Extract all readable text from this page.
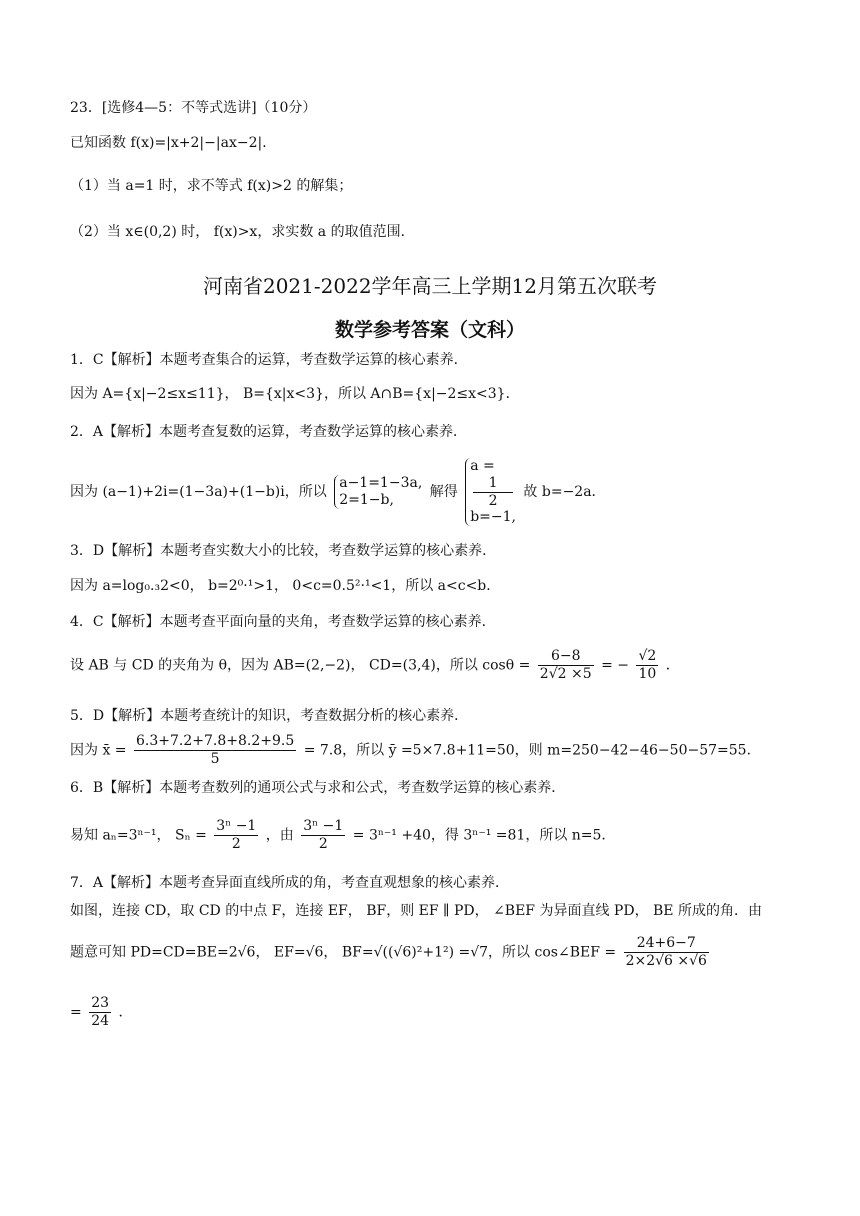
23．[选修4—5：不等式选讲]（10分）
已知函数 f(x)=|x+2|−|ax−2|．
（1）当 a=1 时，求不等式 f(x)>2 的解集；
（2）当 x∈(0,2) 时， f(x)>x，求实数 a 的取值范围．
河南省2021-2022学年高三上学期12月第五次联考
数学参考答案（文科）
1．C【解析】本题考查集合的运算，考查数学运算的核心素养．
因为 A={x|−2≤x≤11}， B={x|x<3}，所以 A∩B={x|−2≤x<3}．
2．A【解析】本题考查复数的运算，考查数学运算的核心素养．
因为 (a−1)+2i=(1−3a)+(1−b)i，所以
a−1=1−3a,
2=1−b,	解得
a =
1
2
b=−1,
故 b=−2a．
3．D【解析】本题考查实数大小的比较，考查数学运算的核心素养．
因为 a=log₀.₃2<0， b=2⁰·¹>1， 0<c=0.5²·¹<1，所以 a<c<b．
4．C【解析】本题考查平面向量的夹角，考查数学运算的核心素养．
设 AB 与 CD 的夹角为 θ，因为 AB=(2,−2)， CD=(3,4)，所以 $\cos\theta = \frac{6-8}{2√2 \times 5}$ = − $\frac{√2}{10}$ ．
5．D【解析】本题考查统计的知识，考查数据分析的核心素养．
因为 x̄ = $\frac{6.3+7.2+7.8+8.2+9.5}{5} = 7.8$，所以 ȳ =5×7.8+11=50，则 m=250−42−46−50−57=55．
6．B【解析】本题考查数列的通项公式与求和公式，考查数学运算的核心素养．
易知 aₙ=3ⁿ⁻¹， $S_n = \frac{\text{3ⁿ −1}}{2}$ ，由 $\frac{\text{3ⁿ −1}}{2} = 3^{n-1} +40$，得 3ⁿ⁻¹ =81，所以 n=5．
7．A【解析】本题考查异面直线所成的角，考查直观想象的核心素养．
如图，连接 CD，取 CD 的中点 F，连接 EF， BF，则 EF ∥ PD， ∠BEF 为异面直线 PD， BE 所成的角．由
题意可知 PD=CD=BE=2√6， EF=√6， BF=√((√6)²+1²) =√7，所以 cos∠BEF = $\frac{24+6-7}{2\times 2√6 \times√6}$
= $\frac{23}{24}$ ．
